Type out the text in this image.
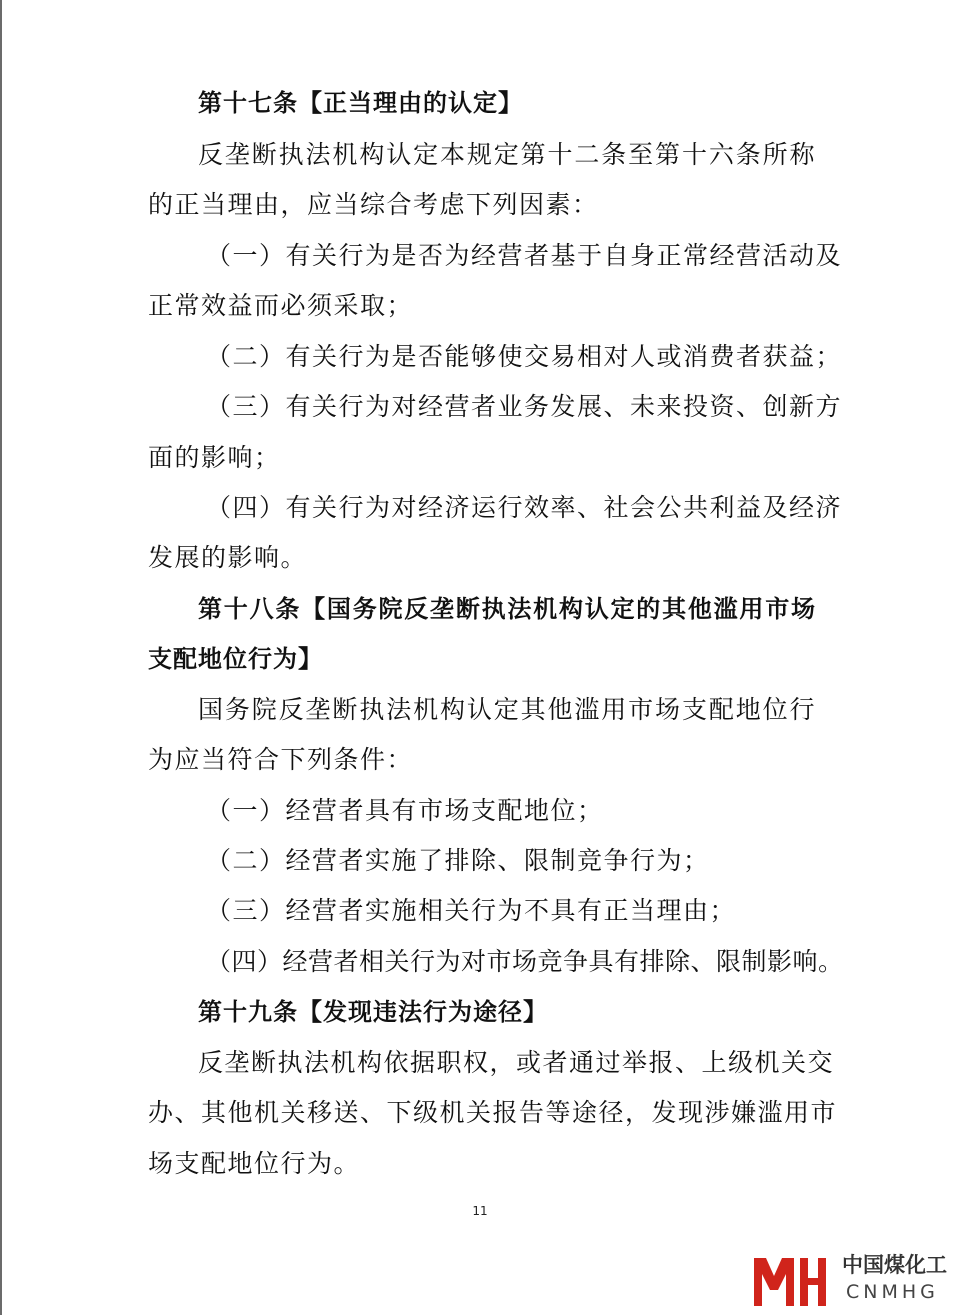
第十七条【正当理由的认定】
反垄断执法机构认定本规定第十二条至第十六条所称
的正当理由，应当综合考虑下列因素：
（一）有关行为是否为经营者基于自身正常经营活动及
正常效益而必须采取；
（二）有关行为是否能够使交易相对人或消费者获益；
（三）有关行为对经营者业务发展、未来投资、创新方
面的影响；
（四）有关行为对经济运行效率、社会公共利益及经济
发展的影响。
第十八条【国务院反垄断执法机构认定的其他滥用市场
支配地位行为】
国务院反垄断执法机构认定其他滥用市场支配地位行
为应当符合下列条件：
（一）经营者具有市场支配地位；
（二）经营者实施了排除、限制竞争行为；
（三）经营者实施相关行为不具有正当理由；
（四）经营者相关行为对市场竞争具有排除、限制影响。
第十九条【发现违法行为途径】
反垄断执法机构依据职权，或者通过举报、上级机关交
办、其他机关移送、下级机关报告等途径，发现涉嫌滥用市
场支配地位行为。
11
中国煤化工
CNMHG
